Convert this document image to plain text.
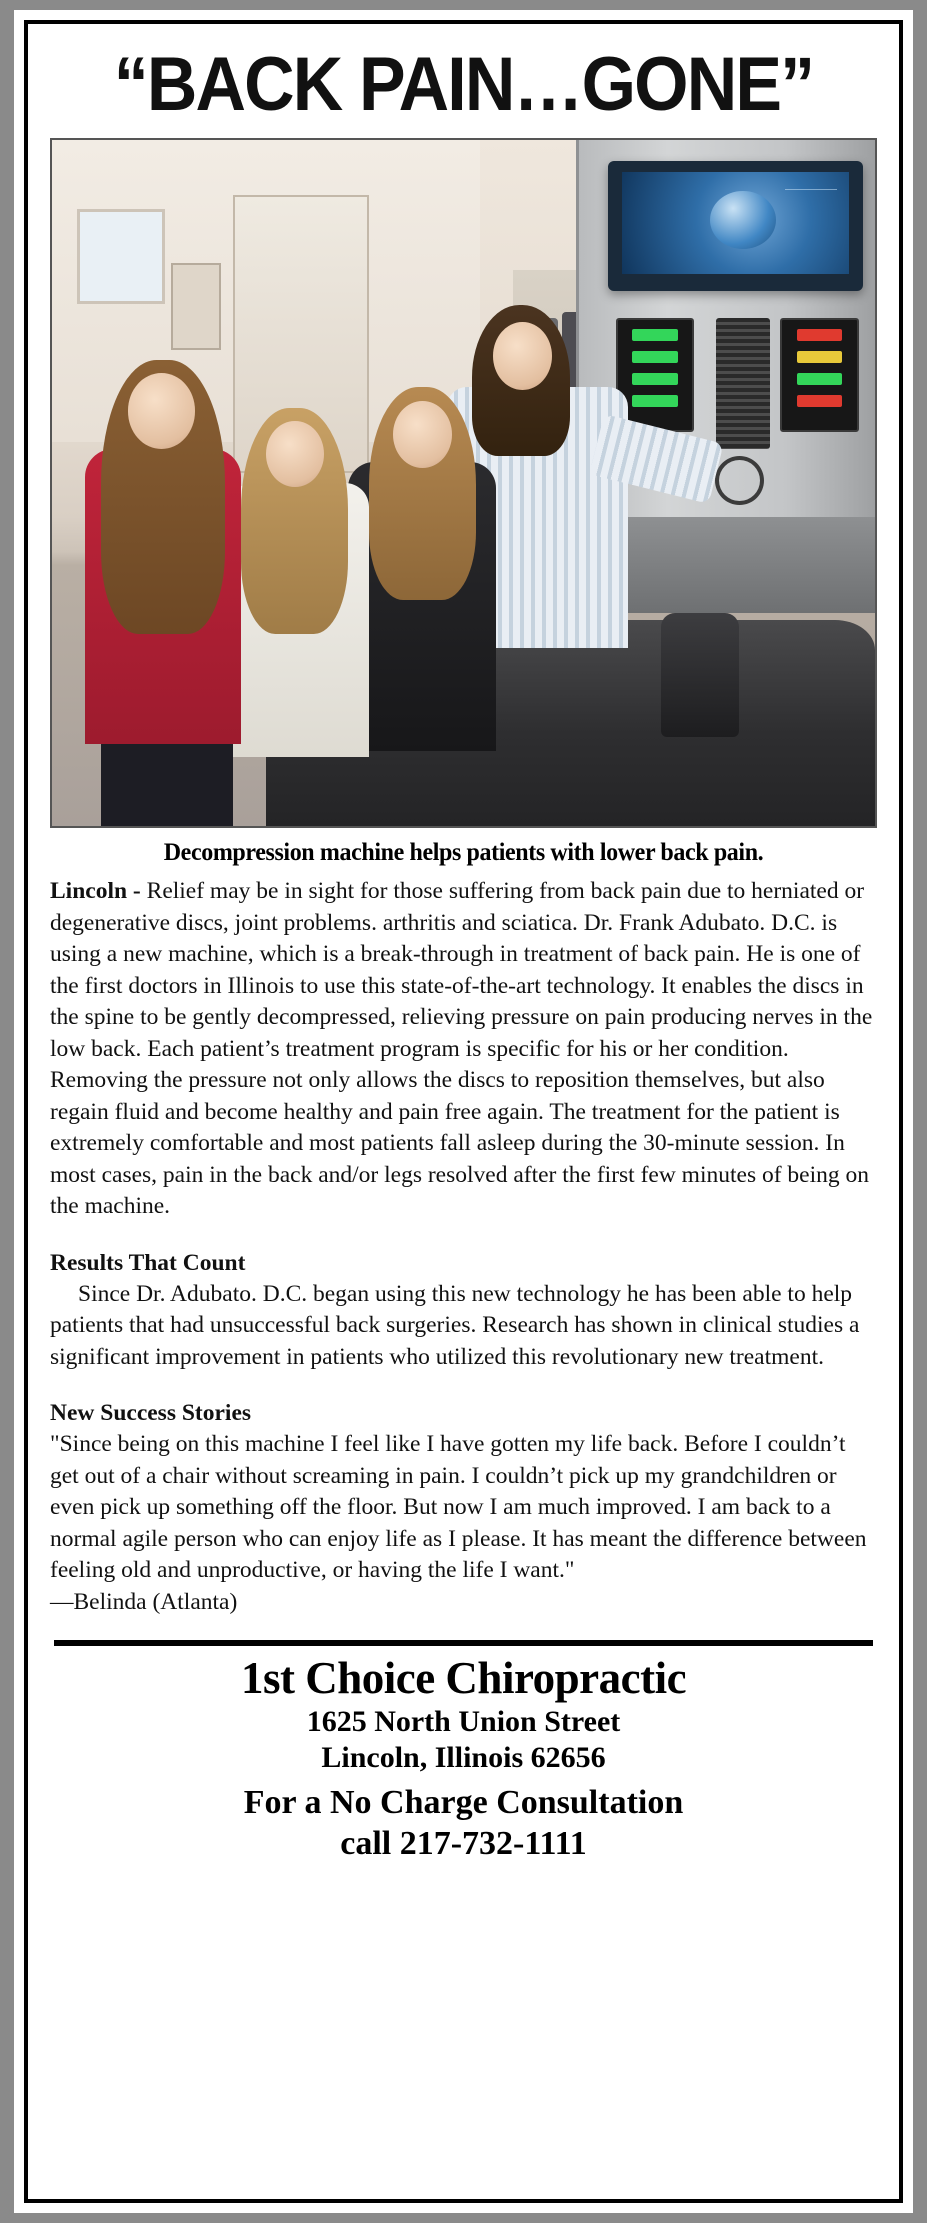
“BACK PAIN…GONE”
Decompression machine helps patients with lower back pain.

Lincoln - Relief may be in sight for those suffering from back pain due to herniated or degenerative discs, joint problems. arthritis and sciatica. Dr. Frank Adubato. D.C. is using a new machine, which is a break-through in treatment of back pain. He is one of the first doctors in Illinois to use this state-of-the-art technology. It enables the discs in the spine to be gently decompressed, relieving pressure on pain producing nerves in the low back. Each patient’s treatment program is specific for his or her condition. Removing the pressure not only allows the discs to reposition themselves, but also regain fluid and become healthy and pain free again. The treatment for the patient is extremely comfortable and most patients fall asleep during the 30-minute session. In most cases, pain in the back and/or legs resolved after the first few minutes of being on the machine.

Results That Count

Since Dr. Adubato. D.C. began using this new technology he has been able to help patients that had unsuccessful back surgeries. Research has shown in clinical studies a significant improvement in patients who utilized this revolutionary new treatment.

New Success Stories

"Since being on this machine I feel like I have gotten my life back. Before I couldn’t get out of a chair without screaming in pain. I couldn’t pick up my grandchildren or even pick up something off the floor. But now I am much improved. I am back to a normal agile person who can enjoy life as I please. It has meant the difference between feeling old and unproductive, or having the life I want."

—Belinda (Atlanta)

1st Choice Chiropractic
1625 North Union Street
Lincoln, Illinois 62656
For a No Charge Consultation
call 217-732-1111
